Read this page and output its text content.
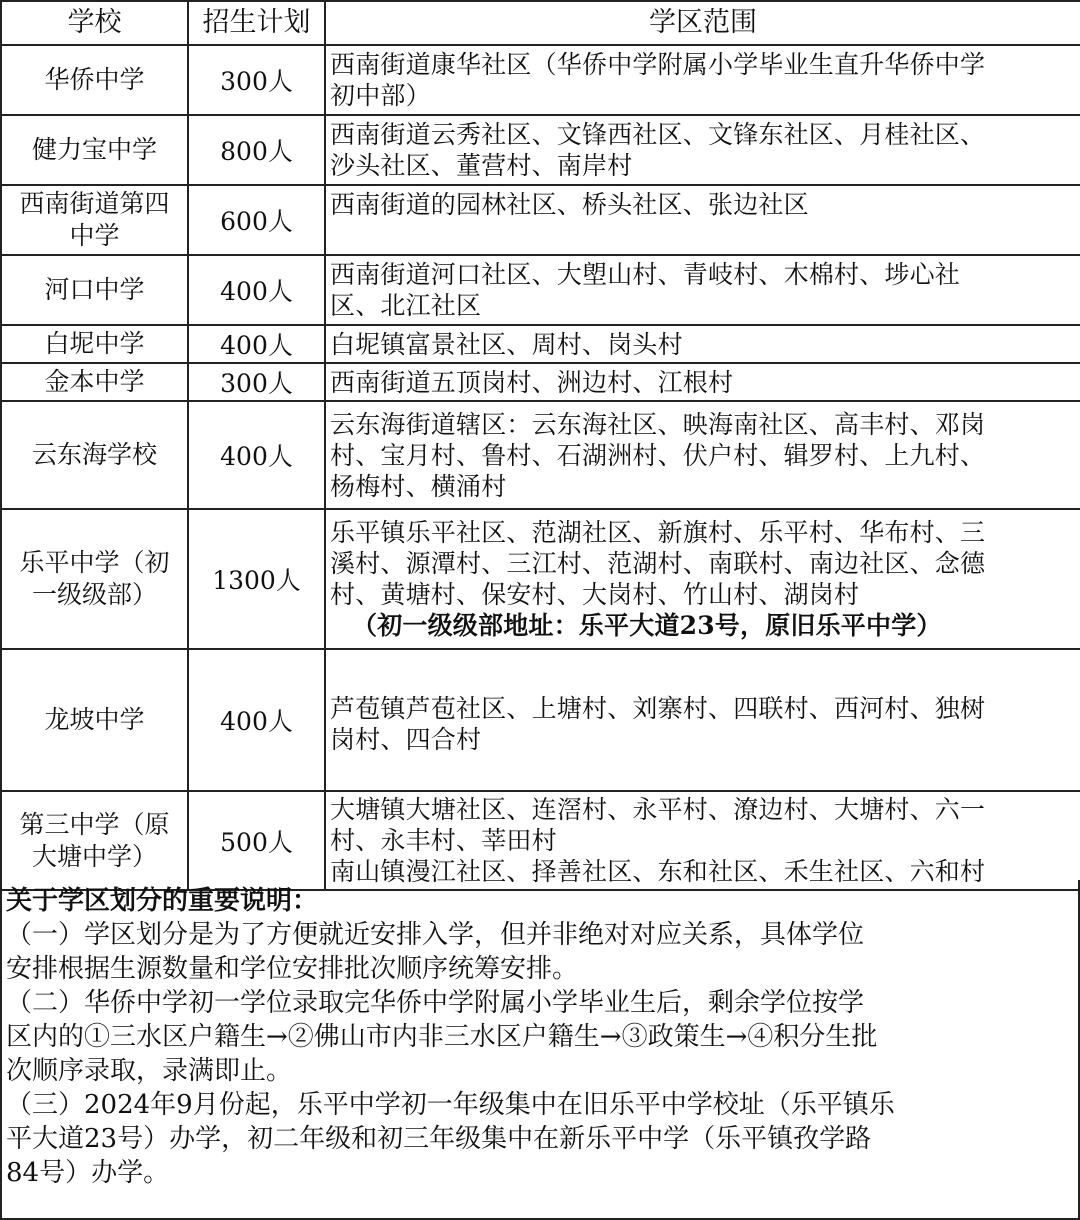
学校	招生计划	学区范围

华侨中学	300人	西南街道康华社区（华侨中学附属小学毕业生直升华侨中学
初中部）

健力宝中学	800人	西南街道云秀社区、文锋西社区、文锋东社区、月桂社区、
沙头社区、董营村、南岸村

西南街道第四
中学	600人	西南街道的园林社区、桥头社区、张边社区

河口中学	400人	西南街道河口社区、大塱山村、青岐村、木棉村、埗心社
区、北江社区

白坭中学	400人	白坭镇富景社区、周村、岗头村

金本中学	300人	西南街道五顶岗村、洲边村、江根村

云东海学校	400人	云东海街道辖区：云东海社区、映海南社区、高丰村、邓岗
村、宝月村、鲁村、石湖洲村、伏户村、辑罗村、上九村、
杨梅村、横涌村

乐平中学（初
一级级部）	1300人	乐平镇乐平社区、范湖社区、新旗村、乐平村、华布村、三
溪村、源潭村、三江村、范湖村、南联村、南边社区、念德
村、黄塘村、保安村、大岗村、竹山村、湖岗村
（初一级级部地址：乐平大道23号，原旧乐平中学）

龙坡中学	400人	芦苞镇芦苞社区、上塘村、刘寨村、四联村、西河村、独树
岗村、四合村

第三中学（原
大塘中学）	500人	大塘镇大塘社区、连滘村、永平村、潦边村、大塘村、六一
村、永丰村、莘田村
南山镇漫江社区、择善社区、东和社区、禾生社区、六和村
关于学区划分的重要说明：
（一）学区划分是为了方便就近安排入学，但并非绝对对应关系，具体学位
安排根据生源数量和学位安排批次顺序统筹安排。
（二）华侨中学初一学位录取完华侨中学附属小学毕业生后，剩余学位按学
区内的①三水区户籍生→②佛山市内非三水区户籍生→③政策生→④积分生批
次顺序录取，录满即止。
（三）2024年9月份起，乐平中学初一年级集中在旧乐平中学校址（乐平镇乐
平大道23号）办学，初二年级和初三年级集中在新乐平中学（乐平镇孜学路
84号）办学。
